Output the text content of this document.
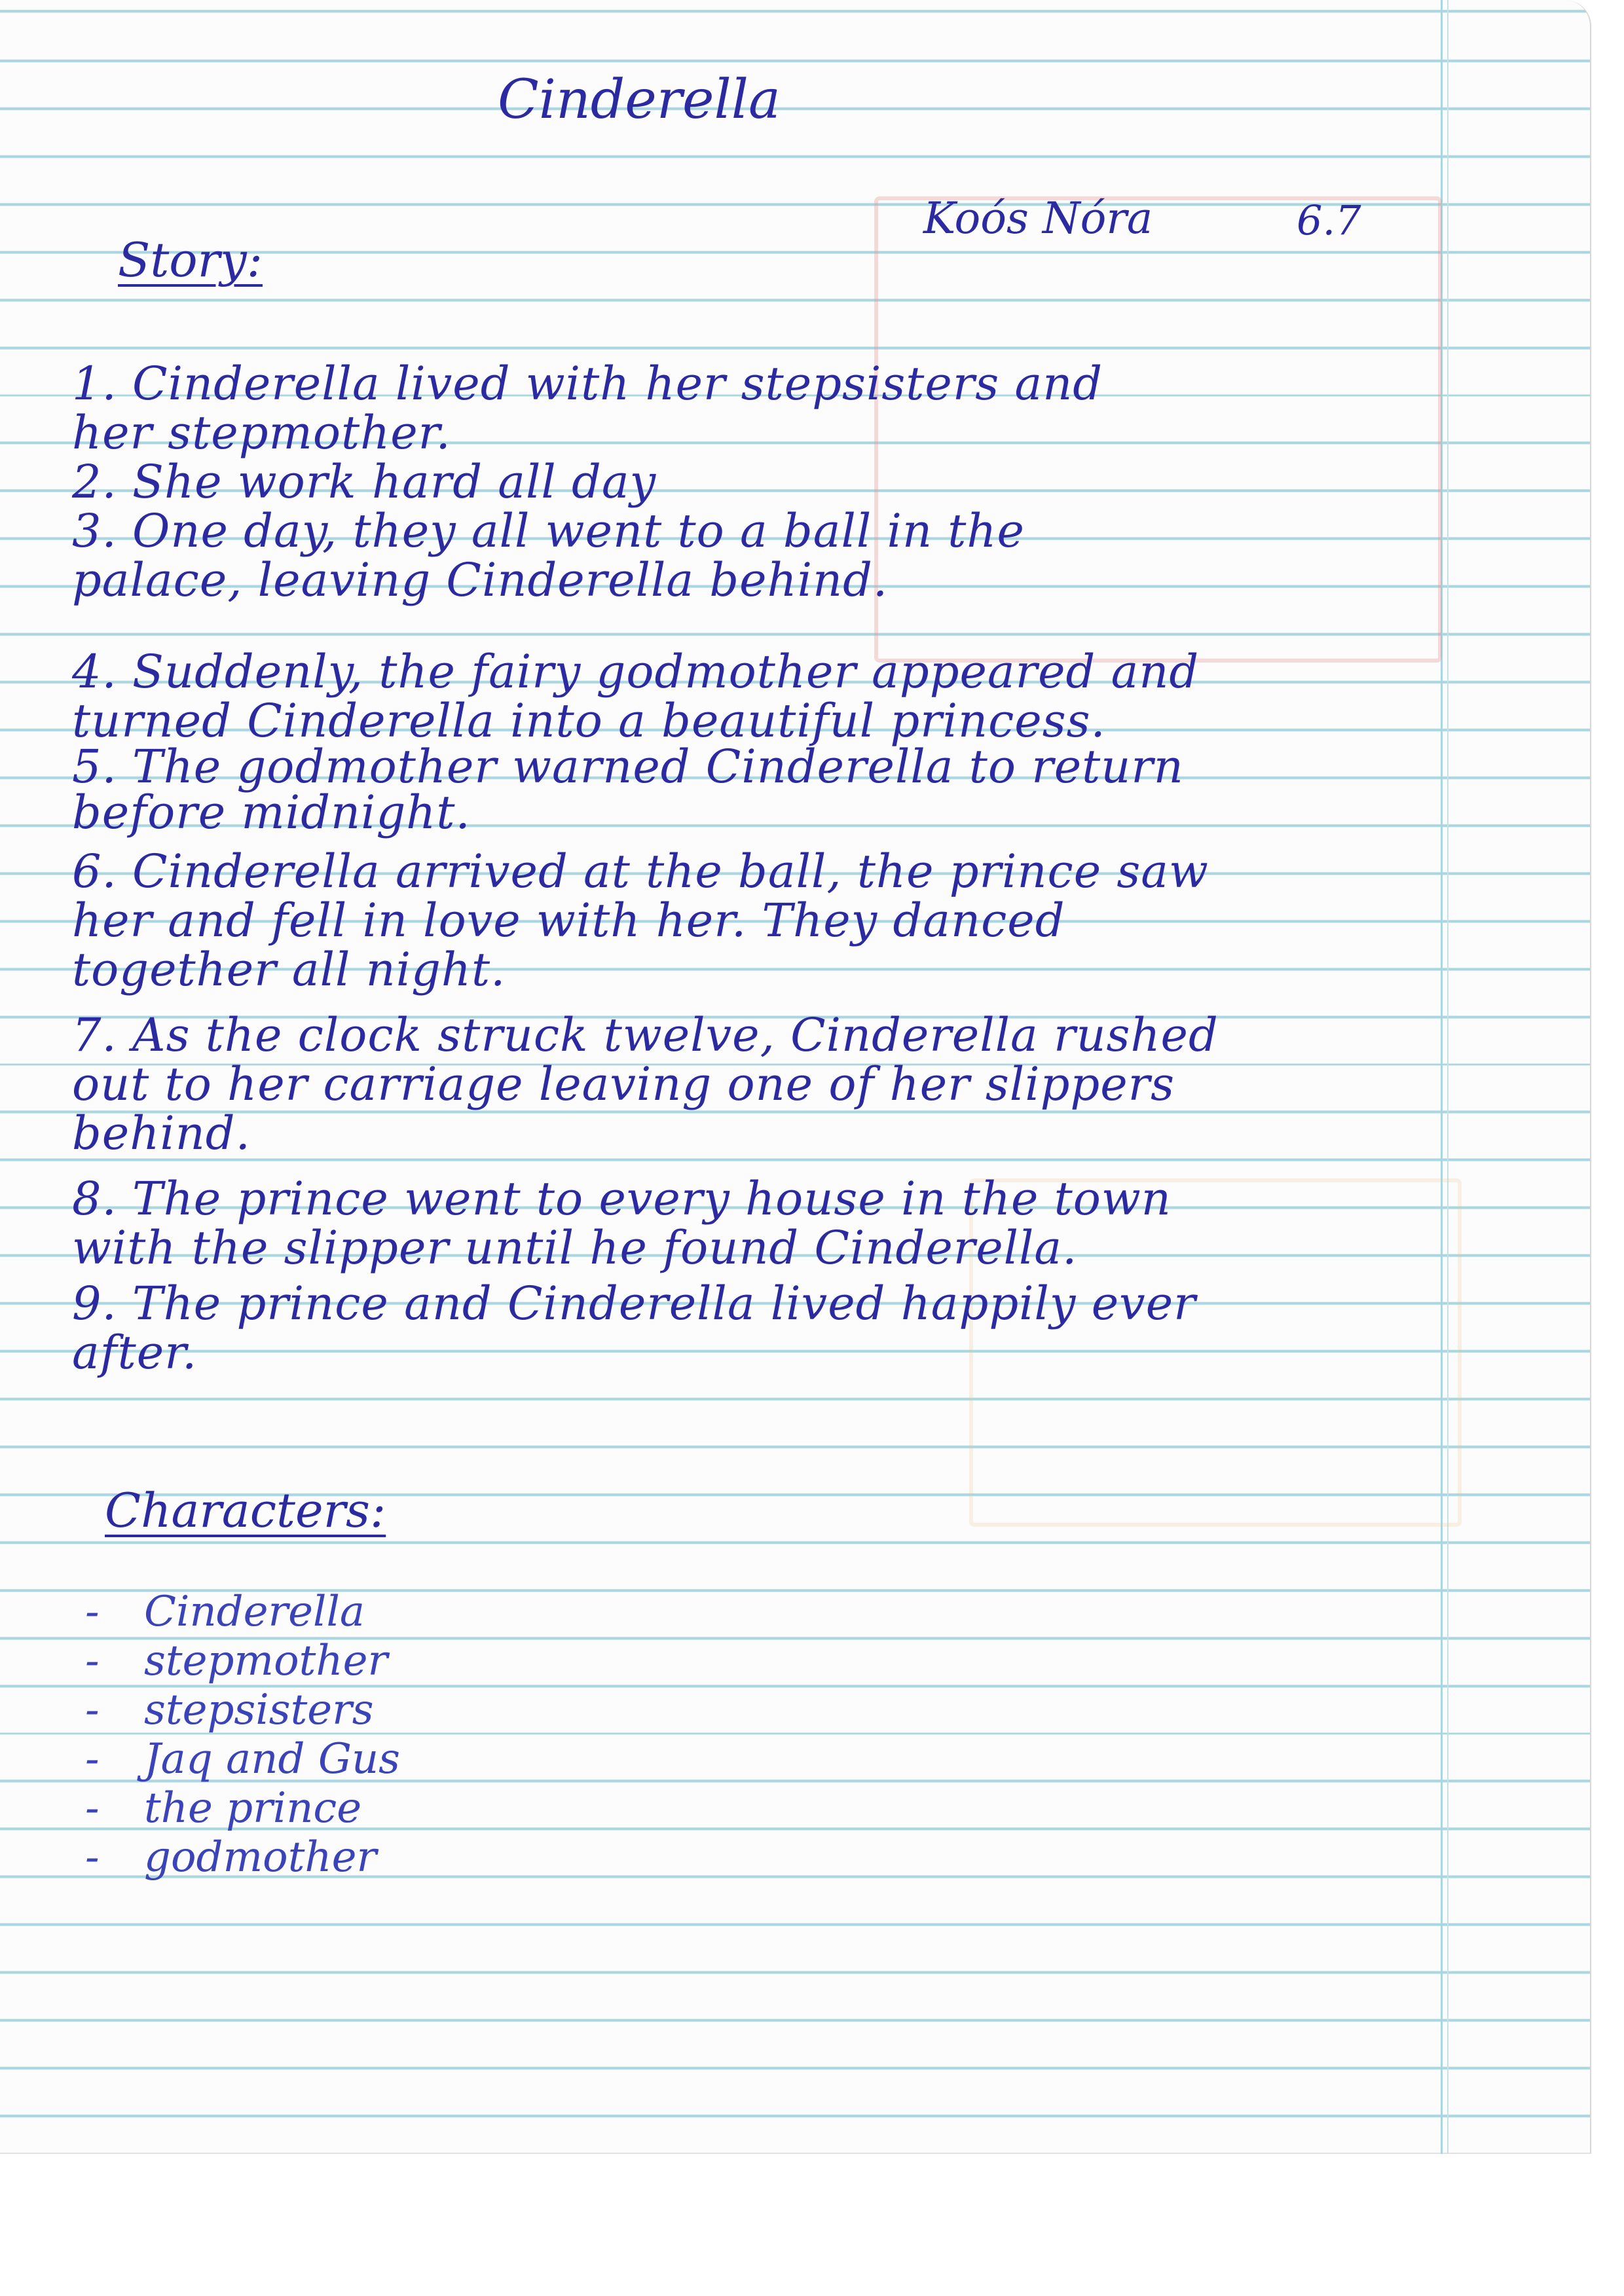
Cinderella
Koós Nóra	6.7
Story:
1. Cinderella lived with her stepsisters and
her stepmother.
2. She work hard all day
3. One day, they all went to a ball in the
palace, leaving Cinderella behind.
4. Suddenly, the fairy godmother appeared and
turned Cinderella into a beautiful princess.
5. The godmother warned Cinderella to return
before midnight.
6. Cinderella arrived at the ball, the prince saw
her and fell in love with her. They danced
together all night.
7. As the clock struck twelve, Cinderella rushed
out to her carriage leaving one of her slippers
behind.
8. The prince went to every house in the town
with the slipper until he found Cinderella.
9. The prince and Cinderella lived happily ever
after.
Characters:
- Cinderella
- stepmother
- stepsisters
- Jaq and Gus
- the prince
- godmother
